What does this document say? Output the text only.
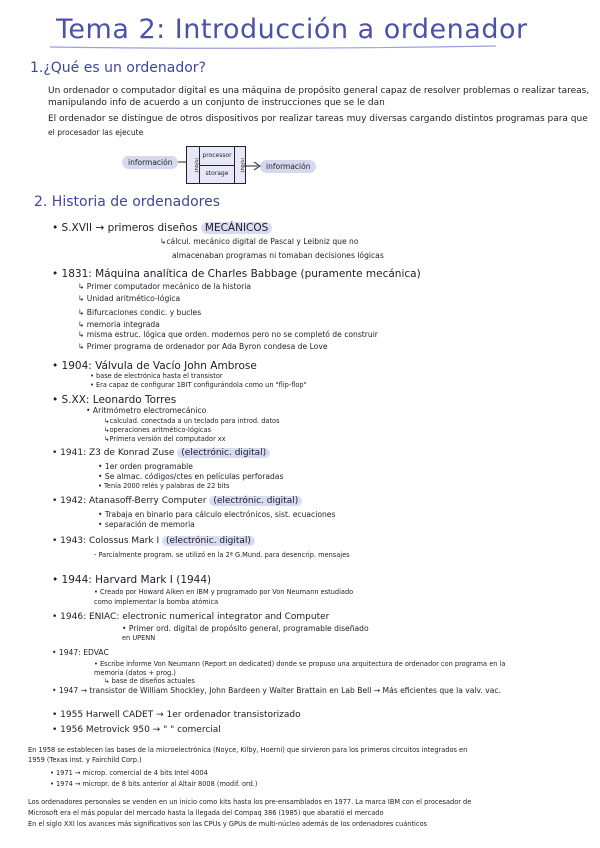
Tema 2: Introducción a ordenador
1.¿Qué es un ordenador?
Un ordenador o computador digital es una máquina de propósito general capaz de resolver problemas o realizar tareas,
manipulando info de acuerdo a un conjunto de instrucciones que se le dan
El ordenador se distingue de otros dispositivos por realizar tareas muy diversas cargando distintos programas para que
el procesador las ejecute
información	in/out
processor
storage
in/out	información
2. Historia de ordenadores
• S.XVII → primeros diseños MECÁNICOS
↳cálcul. mecánico digital de Pascal y Leibniz que no
almacenaban programas ni tomaban decisiones lógicas
• 1831: Máquina analítica de Charles Babbage (puramente mecánica)
↳ Primer computador mecánico de la historia
↳ Unidad aritmético-lógica
↳ Bifurcaciones condic. y bucles
↳ memoria integrada
↳ misma estruc. lógica que orden. modernos pero no se completó de construir
↳ Primer programa de ordenador por Ada Byron condesa de Love
• 1904: Válvula de Vacío John Ambrose
• base de electrónica hasta el transistor
• Era capaz de configurar 1BIT configurándola como un "flip-flop"
• S.XX: Leonardo Torres
• Aritmómetro electromecánico
↳calculad. conectada a un teclado para introd. datos
↳operaciones aritmético-lógicas
↳Primera versión del computador xx
• 1941: Z3 de Konrad Zuse (electrónic. digital)
• 1er orden programable
• Se almac. códigos/ctes en películas perforadas
• Tenía 2000 relés y palabras de 22 bits
• 1942: Atanasoff-Berry Computer (electrónic. digital)
• Trabaja en binario para cálculo electrónicos, sist. ecuaciones
• separación de memoria
• 1943: Colossus Mark I (electrónic. digital)
- Parcialmente program. se utilizó en la 2ª G.Mund. para desencrip. mensajes
• 1944: Harvard Mark I (1944)
• Creado por Howard Aiken en IBM y programado por Von Neumann estudiado
como implementar la bomba atómica
• 1946: ENIAC: electronic numerical integrator and Computer
• Primer ord. digital de propósito general, programable diseñado
en UPENN
• 1947: EDVAC
• Escribe informe Von Neumann (Report on dedicated) donde se propuso una arquitectura de ordenador con programa en la
memoria (datos + prog.)
↳ base de diseños actuales
• 1947 → transistor de William Shockley, John Bardeen y Walter Brattain en Lab Bell → Más eficientes que la valv. vac.
• 1955 Harwell CADET → 1er ordenador transistorizado
• 1956 Metrovick 950 → " " comercial
En 1958 se establecen las bases de la microelectrónica (Noyce, Kilby, Hoerni) que sirvieron para los primeros circuitos integrados en
1959 (Texas inst. y Fairchild Corp.)
• 1971 → microp. comercial de 4 bits Intel 4004
• 1974 → micropr. de 8 bits anterior al Altair 8008 (modif. ord.)
Los ordenadores personales se venden en un inicio como kits hasta los pre-ensamblados en 1977. La marca IBM con el procesador de
Microsoft era el más popular del mercado hasta la llegada del Compaq 386 (1985) que abaratió el mercado
En el siglo XXI los avances más significativos son las CPUs y GPUs de multi-núcleo además de los ordenadores cuánticos
